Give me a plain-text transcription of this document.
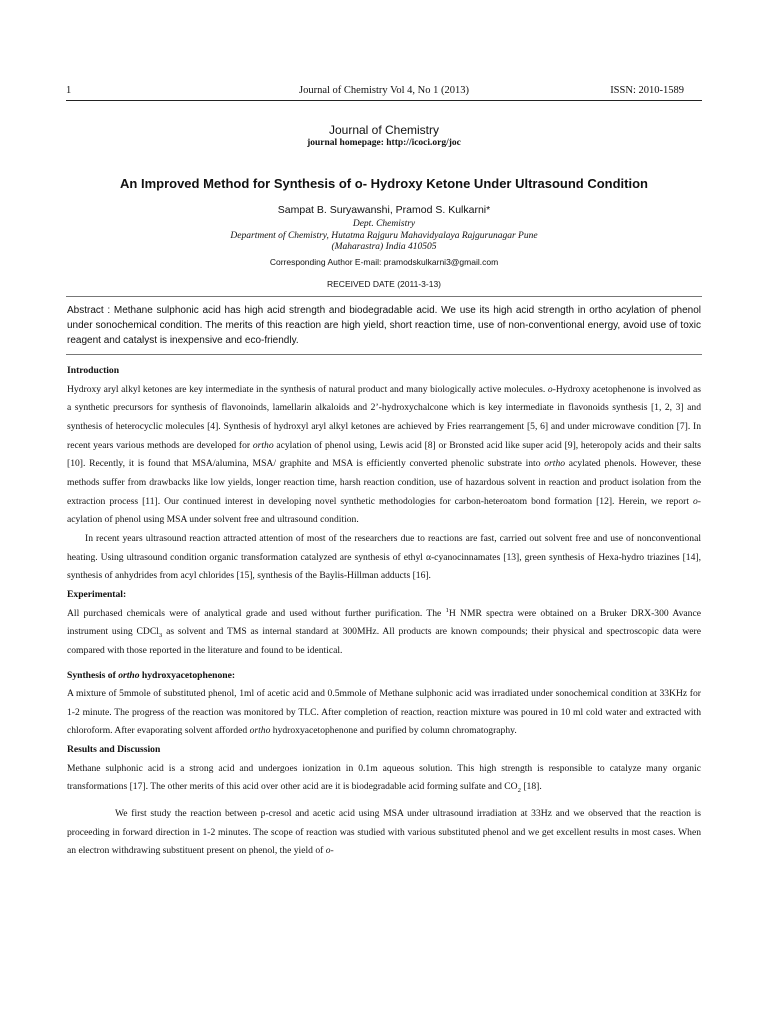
1	Journal of Chemistry Vol 4, No 1 (2013)	ISSN: 2010-1589
Journal of Chemistry
journal homepage: http://icoci.org/joc
An Improved Method for Synthesis of o- Hydroxy Ketone Under Ultrasound Condition
Sampat B. Suryawanshi, Pramod S. Kulkarni*
Dept. Chemistry
Department of Chemistry, Hutatma Rajguru Mahavidyalaya Rajgurunagar Pune
(Maharastra) India 410505
Corresponding Author E-mail: pramodskulkarni3@gmail.com
RECEIVED DATE (2011-3-13)
Abstract : Methane sulphonic acid has high acid strength and biodegradable acid. We use its high acid strength in ortho acylation of phenol under sonochemical condition. The merits of this reaction are high yield, short reaction time, use of non-conventional energy, avoid use of toxic reagent and catalyst is inexpensive and eco-friendly.

Introduction

Hydroxy aryl alkyl ketones are key intermediate in the synthesis of natural product and many biologically active molecules. o-Hydroxy acetophenone is involved as a synthetic precursors for synthesis of flavonoinds, lamellarin alkaloids and 2’-hydroxychalcone which is key intermediate in flavonoids synthesis [1, 2, 3] and synthesis of heterocyclic molecules [4]. Synthesis of hydroxyl aryl alkyl ketones are achieved by Fries rearrangement [5, 6] and under microwave condition [7]. In recent years various methods are developed for ortho acylation of phenol using, Lewis acid [8] or Bronsted acid like super acid [9], heteropoly acids and their salts [10]. Recently, it is found that MSA/alumina, MSA/ graphite and MSA is efficiently converted phenolic substrate into ortho acylated phenols. However, these methods suffer from drawbacks like low yields, longer reaction time, harsh reaction condition, use of hazardous solvent in reaction and product isolation from the extraction process [11]. Our continued interest in developing novel synthetic methodologies for carbon-heteroatom bond formation [12]. Herein, we report o- acylation of phenol using MSA under solvent free and ultrasound condition.

In recent years ultrasound reaction attracted attention of most of the researchers due to reactions are fast, carried out solvent free and use of nonconventional heating. Using ultrasound condition organic transformation catalyzed are synthesis of ethyl α-cyanocinnamates [13], green synthesis of Hexa-hydro triazines [14], synthesis of anhydrides from acyl chlorides [15], synthesis of the Baylis-Hillman adducts [16].

Experimental:

All purchased chemicals were of analytical grade and used without further purification. The $^1$H NMR spectra were obtained on a Bruker DRX-300 Avance instrument using CDCl$_3$ as solvent and TMS as internal standard at 300MHz. All products are known compounds; their physical and spectroscopic data were compared with those reported in the literature and found to be identical.

Synthesis of ortho hydroxyacetophenone:

A mixture of 5mmole of substituted phenol, 1ml of acetic acid and 0.5mmole of Methane sulphonic acid was irradiated under sonochemical condition at 33KHz for 1-2 minute. The progress of the reaction was monitored by TLC. After completion of reaction, reaction mixture was poured in 10 ml cold water and extracted with chloroform. After evaporating solvent afforded ortho hydroxyacetophenone and purified by column chromatography.

Results and Discussion

Methane sulphonic acid is a strong acid and undergoes ionization in 0.1m aqueous solution. This high strength is responsible to catalyze many organic transformations [17]. The other merits of this acid over other acid are it is biodegradable acid forming sulfate and $CO_2$ [18].

We first study the reaction between p-cresol and acetic acid using MSA under ultrasound irradiation at 33Hz and we observed that the reaction is proceeding in forward direction in 1-2 minutes. The scope of reaction was studied with various substituted phenol and we get excellent results in most cases. When an electron withdrawing substituent present on phenol, the yield of o-
